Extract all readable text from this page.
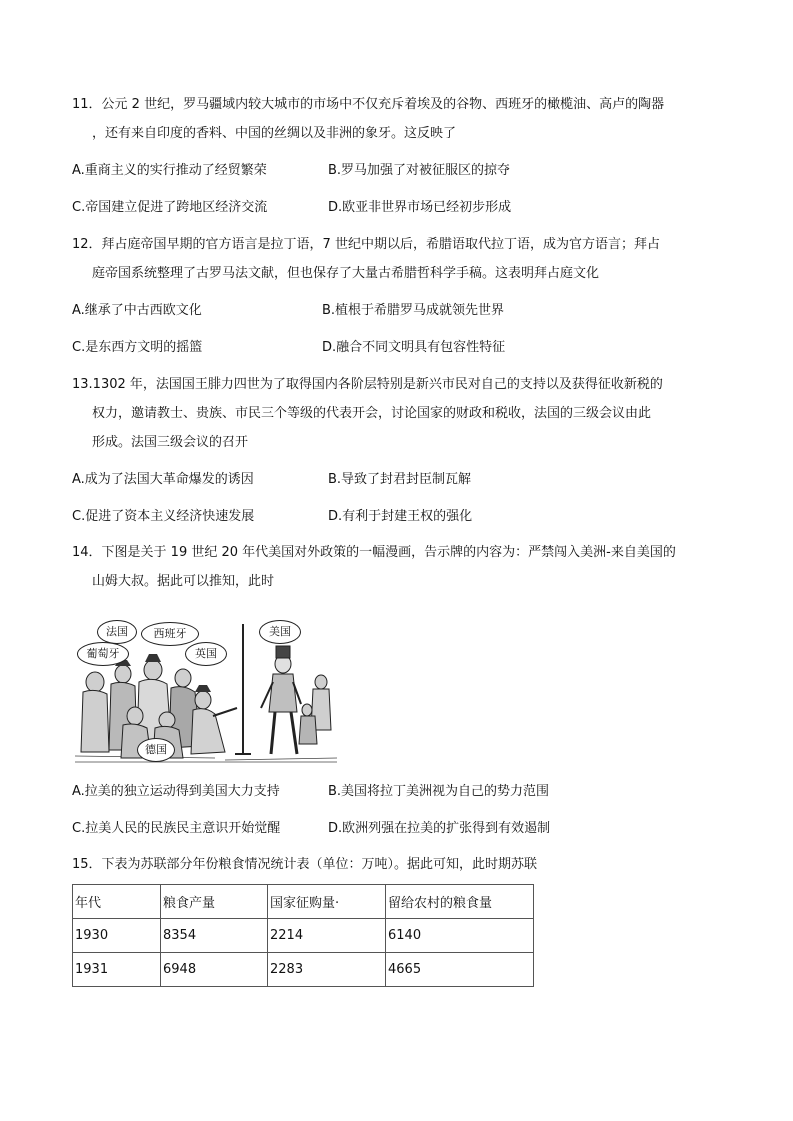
11．公元 2 世纪，罗马疆域内较大城市的市场中不仅充斥着埃及的谷物、西班牙的橄榄油、高卢的陶器
，还有来自印度的香料、中国的丝绸以及非洲的象牙。这反映了
A.重商主义的实行推动了经贸繁荣	B.罗马加强了对被征服区的掠夺
C.帝国建立促进了跨地区经济交流	D.欧亚非世界市场已经初步形成
12．拜占庭帝国早期的官方语言是拉丁语，7 世纪中期以后，希腊语取代拉丁语，成为官方语言；拜占
庭帝国系统整理了古罗马法文献，但也保存了大量古希腊哲科学手稿。这表明拜占庭文化
A.继承了中古西欧文化	B.植根于希腊罗马成就领先世界
C.是东西方文明的摇篮	D.融合不同文明具有包容性特征
13.1302 年，法国国王腓力四世为了取得国内各阶层特别是新兴市民对自己的支持以及获得征收新税的
权力，邀请教士、贵族、市民三个等级的代表开会，讨论国家的财政和税收，法国的三级会议由此
形成。法国三级会议的召开
A.成为了法国大革命爆发的诱因	B.导致了封君封臣制瓦解
C.促进了资本主义经济快速发展	D.有利于封建王权的强化
14．下图是关于 19 世纪 20 年代美国对外政策的一幅漫画，告示牌的内容为：严禁闯入美洲-来自美国的
山姆大叔。据此可以推知，此时
法国	西班牙
葡萄牙	英国
德国
美国
A.拉美的独立运动得到美国大力支持	B.美国将拉丁美洲视为自己的势力范围
C.拉美人民的民族民主意识开始觉醒	D.欧洲列强在拉美的扩张得到有效遏制
15．下表为苏联部分年份粮食情况统计表（单位：万吨）。据此可知，此时期苏联
年代	粮食产量	国家征购量·	留给农村的粮食量
1930	8354	2214	6140
1931	6948	2283	4665
